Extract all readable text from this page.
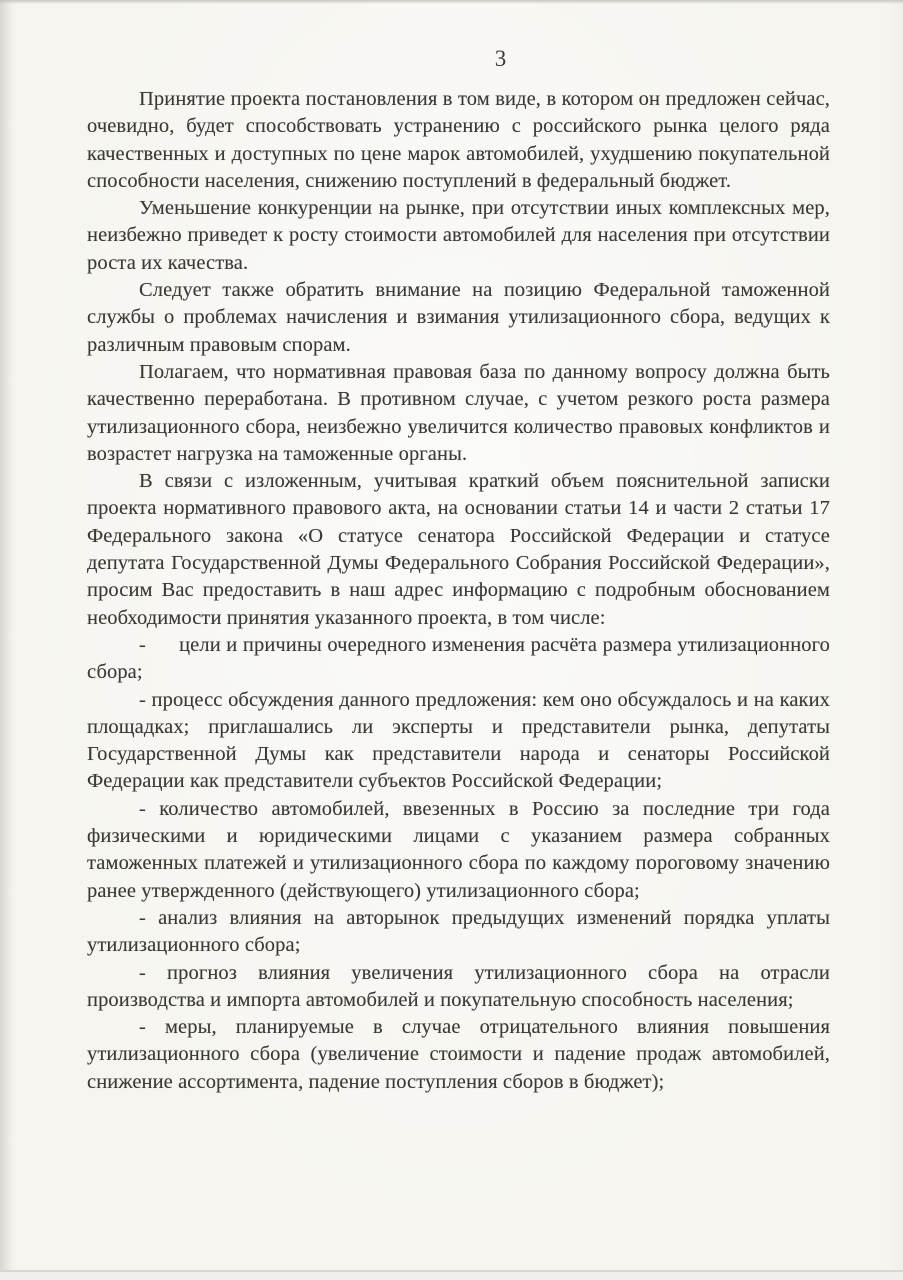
3

Принятие проекта постановления в том виде, в котором он предложен сейчас, очевидно, будет способствовать устранению с российского рынка целого ряда качественных и доступных по цене марок автомобилей, ухудшению покупательной способности населения, снижению поступлений в федеральный бюджет.

Уменьшение конкуренции на рынке, при отсутствии иных комплексных мер, неизбежно приведет к росту стоимости автомобилей для населения при отсутствии роста их качества.

Следует также обратить внимание на позицию Федеральной таможенной службы о проблемах начисления и взимания утилизационного сбора, ведущих к различным правовым спорам.

Полагаем, что нормативная правовая база по данному вопросу должна быть качественно переработана. В противном случае, с учетом резкого роста размера утилизационного сбора, неизбежно увеличится количество правовых конфликтов и возрастет нагрузка на таможенные органы.

В связи с изложенным, учитывая краткий объем пояснительной записки проекта нормативного правового акта, на основании статьи 14 и части 2 статьи 17 Федерального закона «О статусе сенатора Российской Федерации и статусе депутата Государственной Думы Федерального Собрания Российской Федерации», просим Вас предоставить в наш адрес информацию с подробным обоснованием необходимости принятия указанного проекта, в том числе:

-      цели и причины очередного изменения расчёта размера утилизационного сбора;

- процесс обсуждения данного предложения: кем оно обсуждалось и на каких площадках; приглашались ли эксперты и представители рынка, депутаты Государственной Думы как представители народа и сенаторы Российской Федерации как представители субъектов Российской Федерации;

- количество автомобилей, ввезенных в Россию за последние три года физическими и юридическими лицами с указанием размера собранных таможенных платежей и утилизационного сбора по каждому пороговому значению ранее утвержденного (действующего) утилизационного сбора;

- анализ влияния на авторынок предыдущих изменений порядка уплаты утилизационного сбора;

- прогноз влияния увеличения утилизационного сбора на отрасли производства и импорта автомобилей и покупательную способность населения;

- меры, планируемые в случае отрицательного влияния повышения утилизационного сбора (увеличение стоимости и падение продаж автомобилей, снижение ассортимента, падение поступления сборов в бюджет);
